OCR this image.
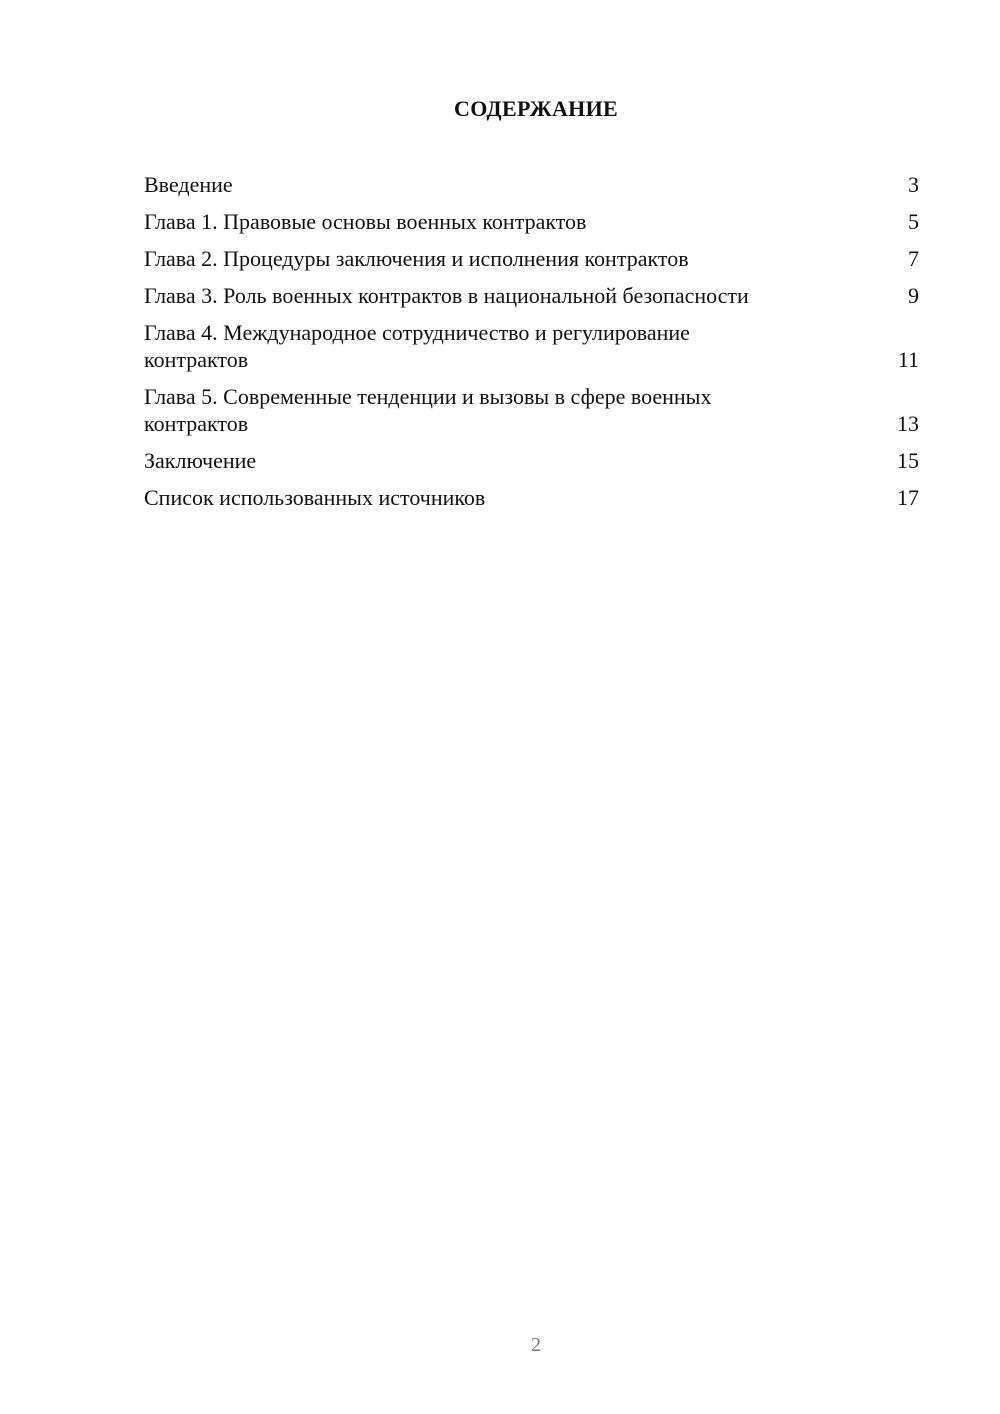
СОДЕРЖАНИЕ
Введение	3
Глава 1. Правовые основы военных контрактов	5
Глава 2. Процедуры заключения и исполнения контрактов	7
Глава 3. Роль военных контрактов в национальной безопасности	9
Глава 4. Международное сотрудничество и регулирование контрактов	11
Глава 5. Современные тенденции и вызовы в сфере военных контрактов	13
Заключение	15
Список использованных источников	17
2
